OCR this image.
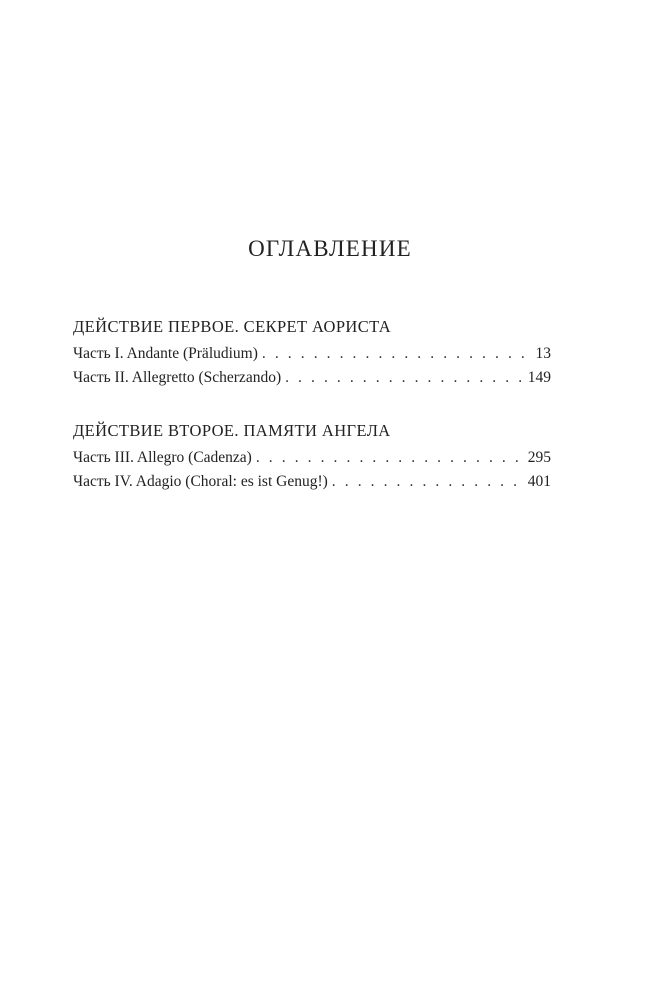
ОГЛАВЛЕНИЕ
ДЕЙСТВИЕ ПЕРВОЕ. СЕКРЕТ АОРИСТА
Часть I. Andante (Präludium) . . .	13
Часть II. Allegretto (Scherzando) . . .	149
ДЕЙСТВИЕ ВТОРОЕ. ПАМЯТИ АНГЕЛА
Часть III. Allegro (Cadenza) . . .	295
Часть IV. Adagio (Choral: es ist Genug!) . . .	401
